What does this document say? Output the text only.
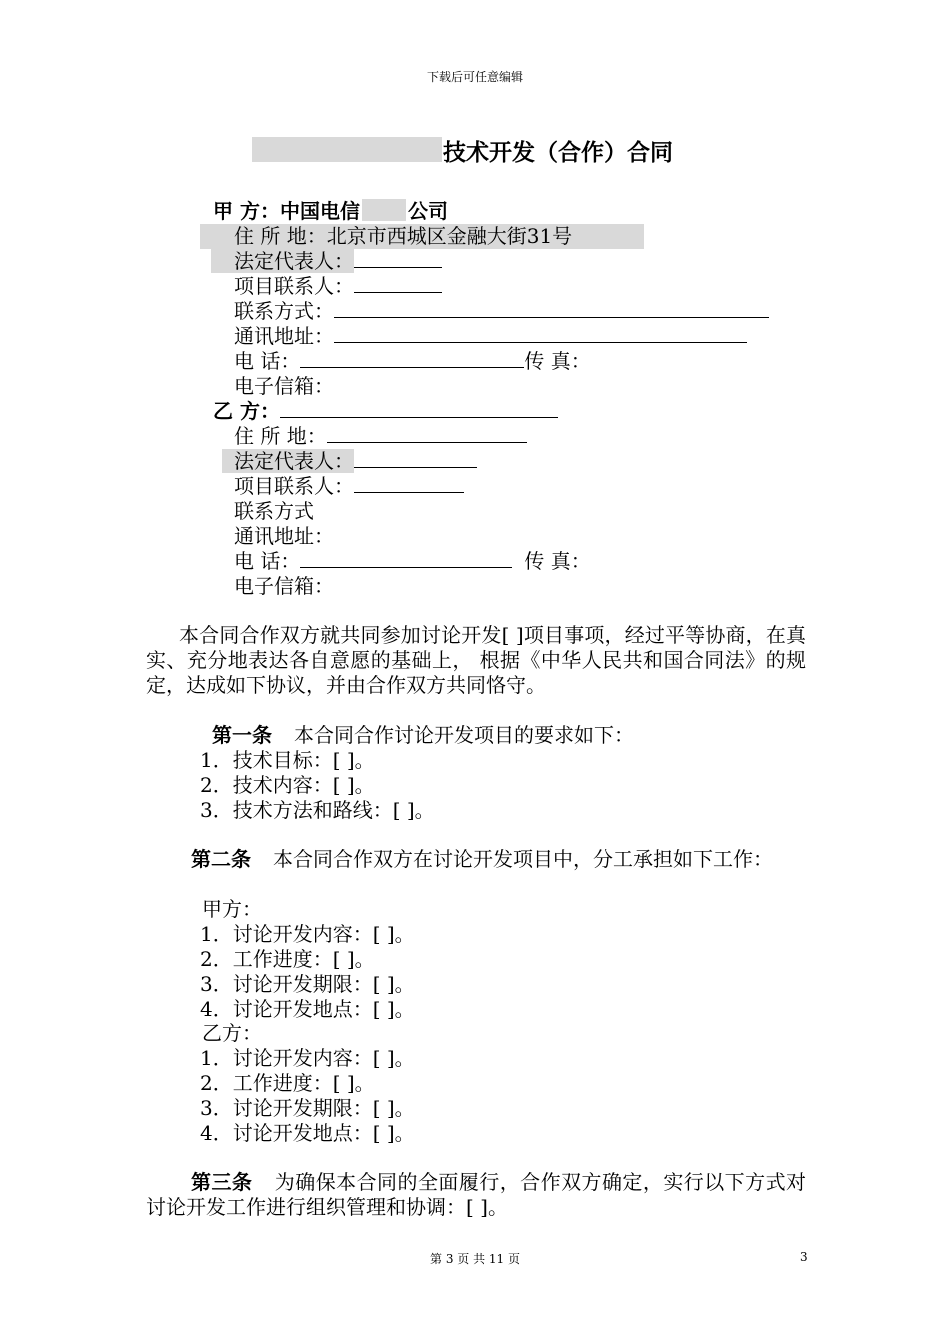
下载后可任意编辑
技术开发（合作）合同
甲 方：中国电信 公司
住 所 地：北京市西城区金融大街31号
法定代表人：
项目联系人：
联系方式：
通讯地址：
电 话：	传 真：
电子信箱：
乙 方：
住 所 地：
法定代表人：
项目联系人：
联系方式
通讯地址：
电 话：	传 真：
电子信箱：
本合同合作双方就共同参加讨论开发[ ]项目事项，经过平等协商，在真实、充分地表达各自意愿的基础上， 根据《中华人民共和国合同法》的规定，达成如下协议，并由合作双方共同恪守。
第一条 本合同合作讨论开发项目的要求如下：
1．技术目标：[ ]。
2．技术内容：[ ]。
3．技术方法和路线：[ ]。
第二条 本合同合作双方在讨论开发项目中，分工承担如下工作：
甲方：
1．讨论开发内容：[ ]。
2．工作进度：[ ]。
3．讨论开发期限：[ ]。
4．讨论开发地点：[ ]。
乙方：
1．讨论开发内容：[ ]。
2．工作进度：[ ]。
3．讨论开发期限：[ ]。
4．讨论开发地点：[ ]。
第三条 为确保本合同的全面履行，合作双方确定，实行以下方式对讨论开发工作进行组织管理和协调：[ ]。
第 3 页 共 11 页	3
